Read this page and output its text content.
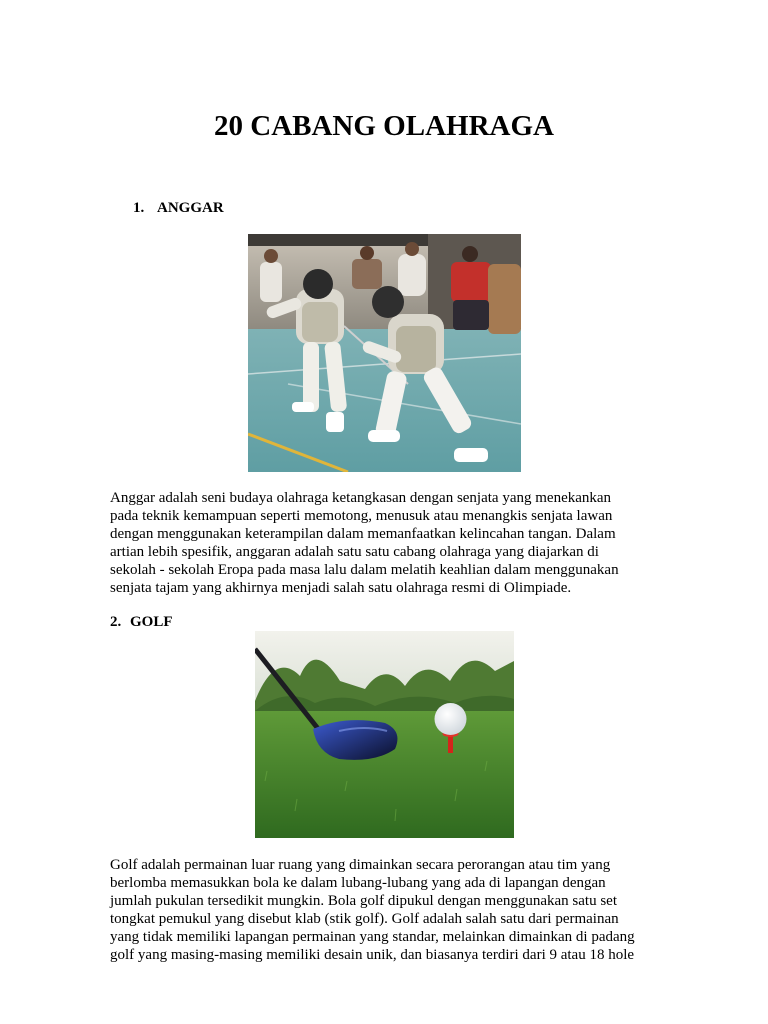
20 CABANG OLAHRAGA
1. ANGGAR

Anggar adalah seni budaya olahraga ketangkasan dengan senjata yang menekankan
pada teknik kemampuan seperti memotong, menusuk atau menangkis senjata lawan
dengan menggunakan keterampilan dalam memanfaatkan kelincahan tangan. Dalam
artian lebih spesifik, anggaran adalah satu satu cabang olahraga yang diajarkan di
sekolah - sekolah Eropa pada masa lalu dalam melatih keahlian dalam menggunakan
senjata tajam yang akhirnya menjadi salah satu olahraga resmi di Olimpiade.

2. GOLF

Golf adalah permainan luar ruang yang dimainkan secara perorangan atau tim yang
berlomba memasukkan bola ke dalam lubang-lubang yang ada di lapangan dengan
jumlah pukulan tersedikit mungkin. Bola golf dipukul dengan menggunakan satu set
tongkat pemukul yang disebut klab (stik golf). Golf adalah salah satu dari permainan
yang tidak memiliki lapangan permainan yang standar, melainkan dimainkan di padang
golf yang masing-masing memiliki desain unik, dan biasanya terdiri dari 9 atau 18 hole
